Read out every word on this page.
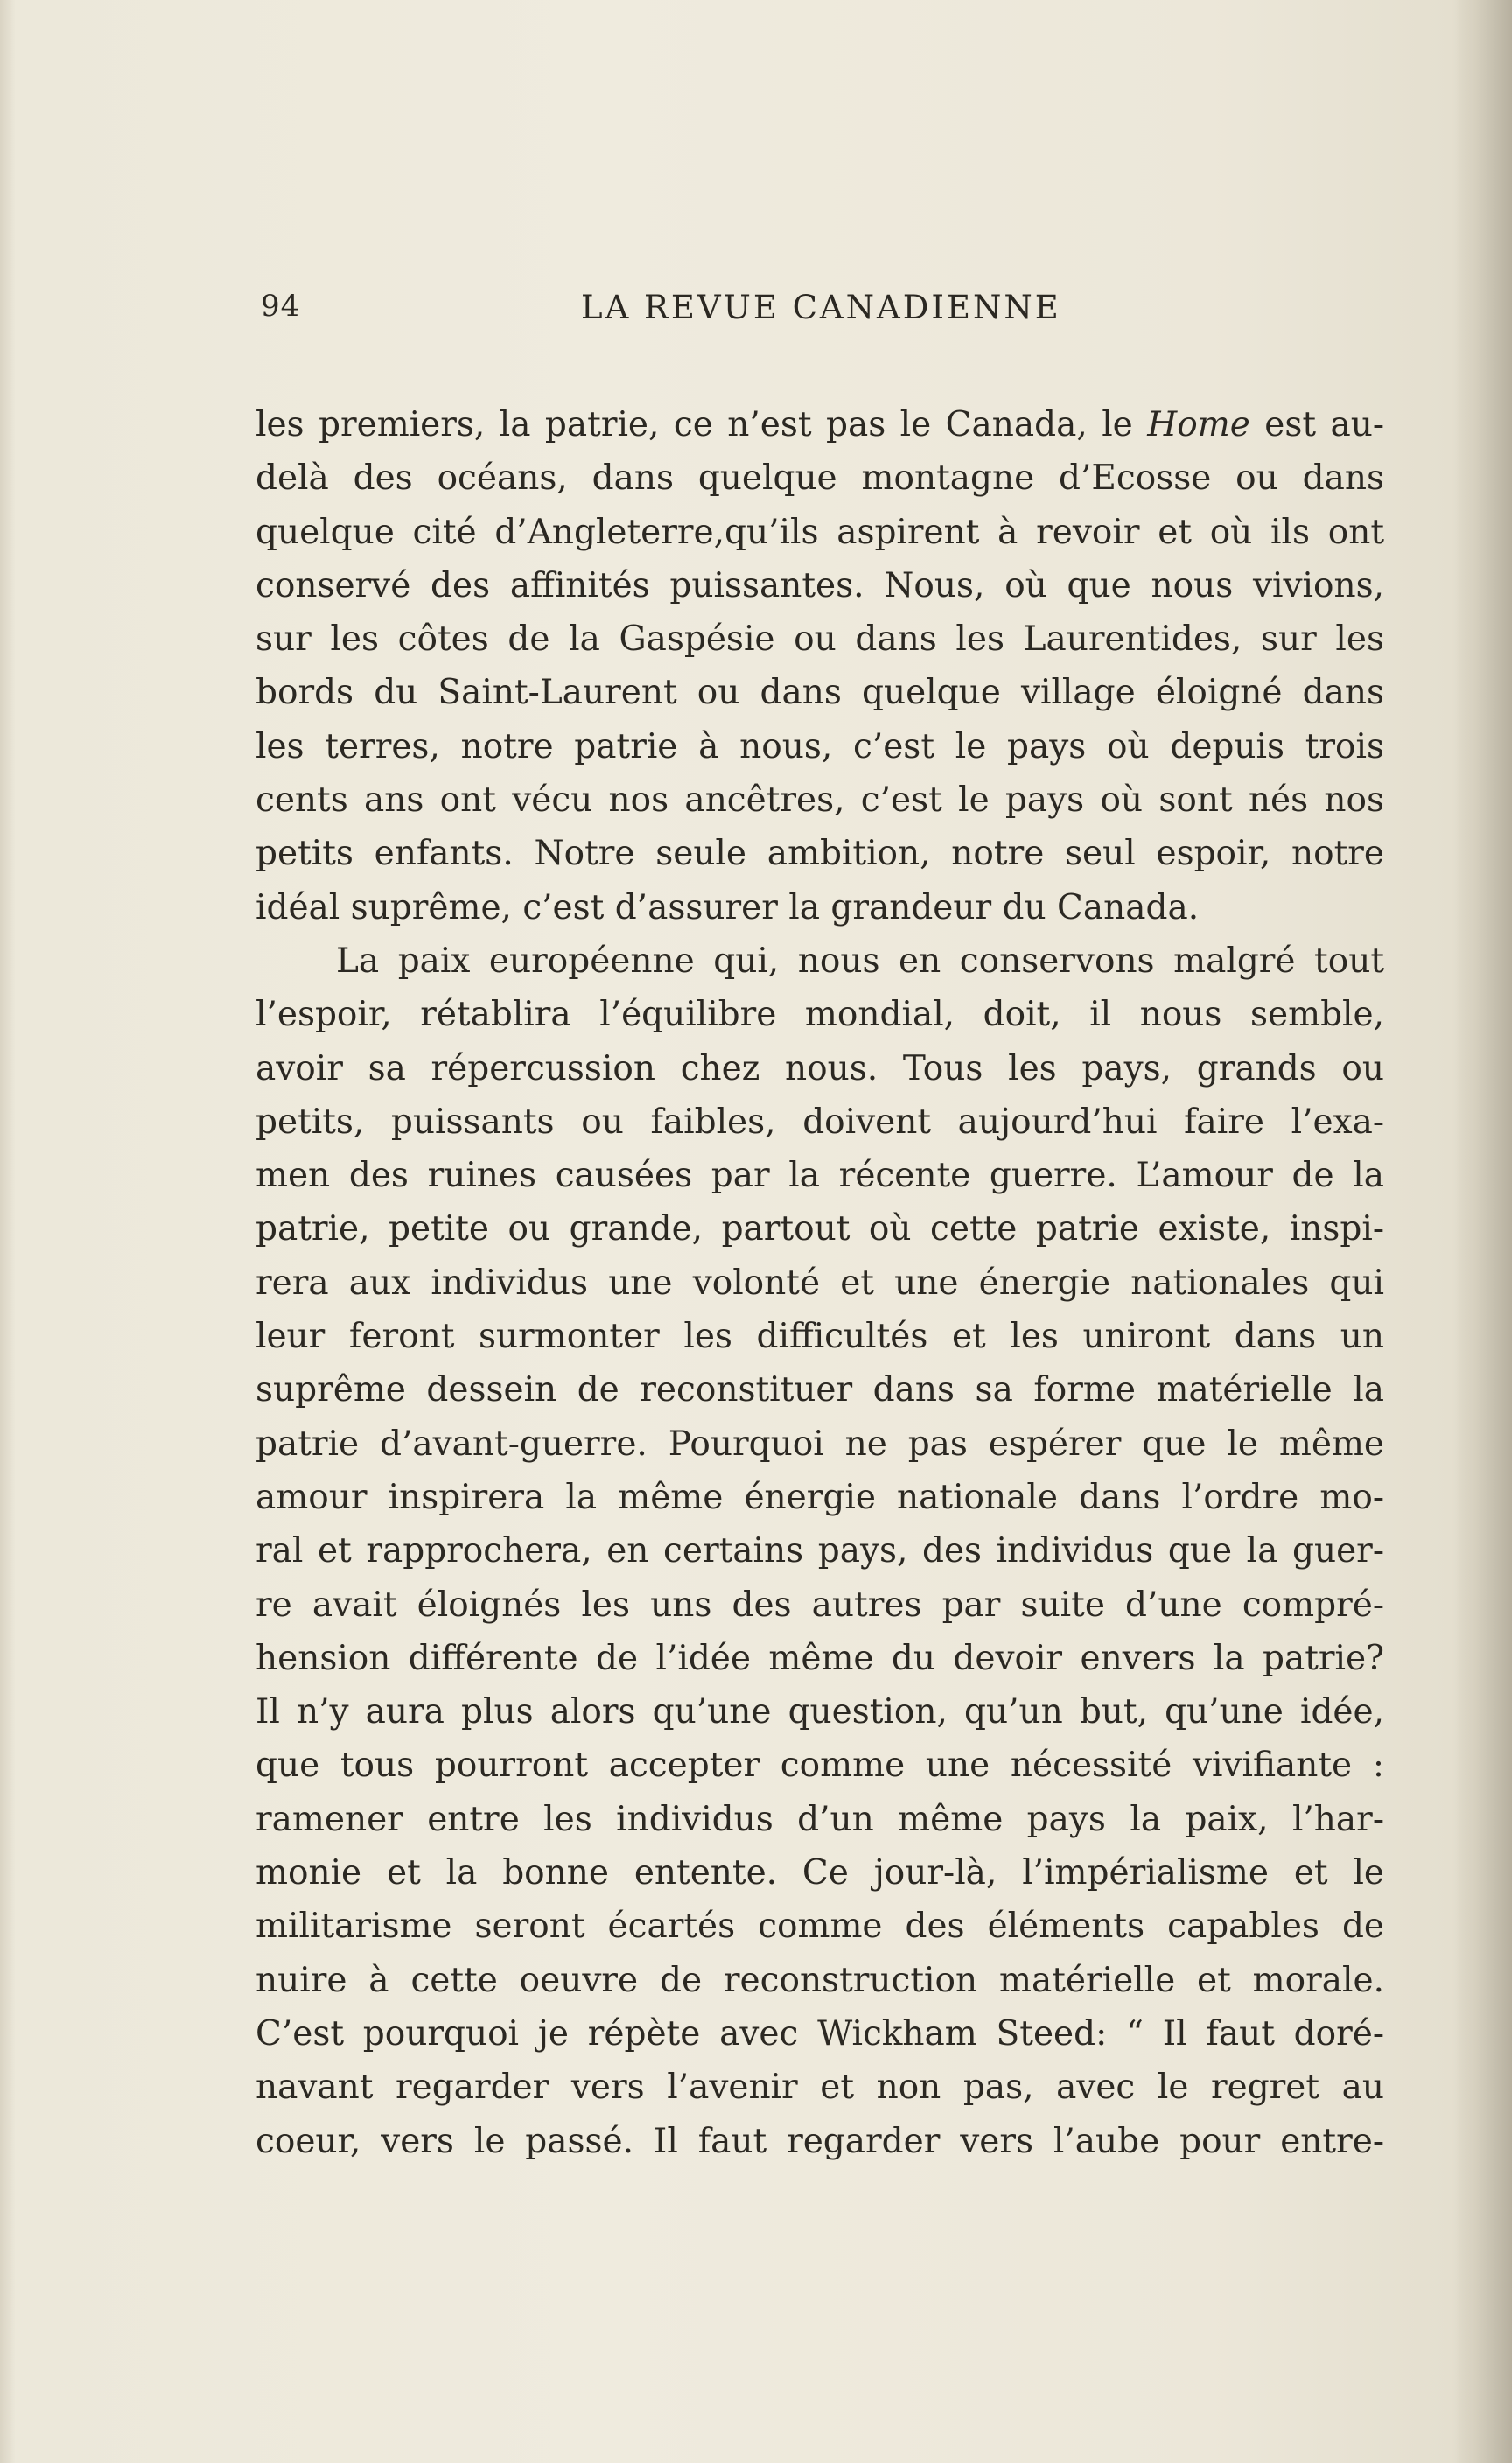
94	LA REVUE CANADIENNE
les premiers, la patrie, ce n’est pas le Canada, le Home est au-
delà des océans, dans quelque montagne d’Ecosse ou dans
quelque cité d’Angleterre,qu’ils aspirent à revoir et où ils ont
conservé des affinités puissantes. Nous, où que nous vivions,
sur les côtes de la Gaspésie ou dans les Laurentides, sur les
bords du Saint-Laurent ou dans quelque village éloigné dans
les terres, notre patrie à nous, c’est le pays où depuis trois
cents ans ont vécu nos ancêtres, c’est le pays où sont nés nos
petits enfants. Notre seule ambition, notre seul espoir, notre
idéal suprême, c’est d’assurer la grandeur du Canada.
La paix européenne qui, nous en conservons malgré tout
l’espoir, rétablira l’équilibre mondial, doit, il nous semble,
avoir sa répercussion chez nous. Tous les pays, grands ou
petits, puissants ou faibles, doivent aujourd’hui faire l’exa-
men des ruines causées par la récente guerre. L’amour de la
patrie, petite ou grande, partout où cette patrie existe, inspi-
rera aux individus une volonté et une énergie nationales qui
leur feront surmonter les difficultés et les uniront dans un
suprême dessein de reconstituer dans sa forme matérielle la
patrie d’avant-guerre. Pourquoi ne pas espérer que le même
amour inspirera la même énergie nationale dans l’ordre mo-
ral et rapprochera, en certains pays, des individus que la guer-
re avait éloignés les uns des autres par suite d’une compré-
hension différente de l’idée même du devoir envers la patrie?
Il n’y aura plus alors qu’une question, qu’un but, qu’une idée,
que tous pourront accepter comme une nécessité vivifiante :
ramener entre les individus d’un même pays la paix, l’har-
monie et la bonne entente. Ce jour-là, l’impérialisme et le
militarisme seront écartés comme des éléments capables de
nuire à cette oeuvre de reconstruction matérielle et morale.
C’est pourquoi je répète avec Wickham Steed: “ Il faut doré-
navant regarder vers l’avenir et non pas, avec le regret au
coeur, vers le passé. Il faut regarder vers l’aube pour entre-
